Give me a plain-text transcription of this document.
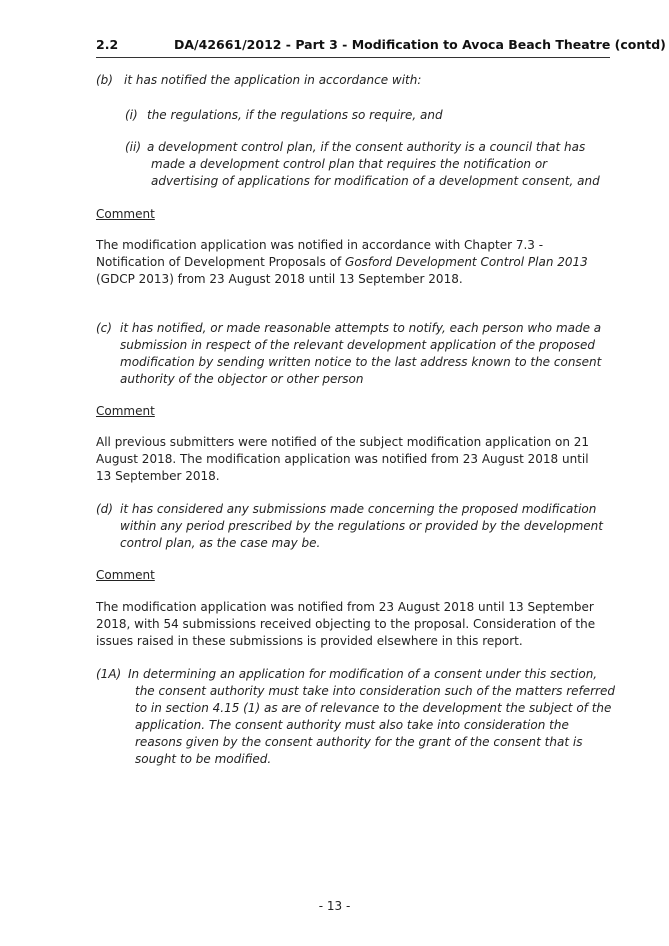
2.2	DA/42661/2012 - Part 3 - Modification to Avoca Beach Theatre (contd)
(b) it has notified the application in accordance with:
(i) the regulations, if the regulations so require, and
(ii) a development control plan, if the consent authority is a council that has made a development control plan that requires the notification or advertising of applications for modification of a development consent, and
Comment
The modification application was notified in accordance with Chapter 7.3 - Notification of Development Proposals of Gosford Development Control Plan 2013 (GDCP 2013) from 23 August 2018 until 13 September 2018.
(c) it has notified, or made reasonable attempts to notify, each person who made a submission in respect of the relevant development application of the proposed modification by sending written notice to the last address known to the consent authority of the objector or other person
Comment
All previous submitters were notified of the subject modification application on 21 August 2018. The modification application was notified from 23 August 2018 until 13 September 2018.
(d) it has considered any submissions made concerning the proposed modification within any period prescribed by the regulations or provided by the development control plan, as the case may be.
Comment
The modification application was notified from 23 August 2018 until 13 September 2018, with 54 submissions received objecting to the proposal. Consideration of the issues raised in these submissions is provided elsewhere in this report.
(1A) In determining an application for modification of a consent under this section, the consent authority must take into consideration such of the matters referred to in section 4.15 (1) as are of relevance to the development the subject of the application. The consent authority must also take into consideration the reasons given by the consent authority for the grant of the consent that is sought to be modified.
- 13 -
